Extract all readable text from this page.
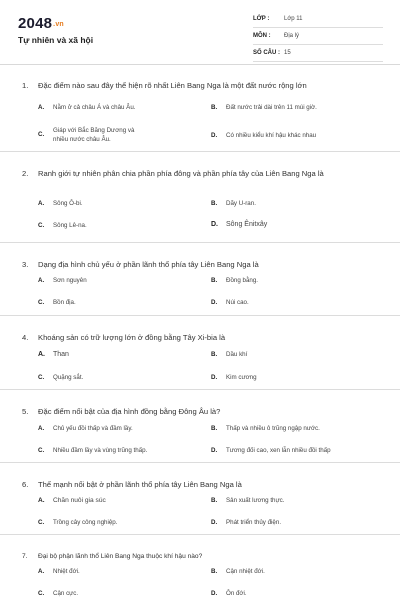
2048.vn
Tự nhiên và xã hội
LỚP : Lớp 11
MÔN : Địa lý
SỐ CÂU : 15
1. Đặc điểm nào sau đây thể hiện rõ nhất Liên Bang Nga là một đất nước rộng lớn
A. Nằm ở cả châu Á và châu Âu.	B. Đất nước trải dài trên 11 múi giờ.
C.
Giáp với Bắc Băng Dương và nhiều nước châu Âu.
D. Có nhiều kiểu khí hậu khác nhau
2. Ranh giới tự nhiên phân chia phần phía đông và phần phía tây của Liên Bang Nga là
A. Sông Ô-bi.	B. Dãy U-ran.
C. Sông Lê-na.	D. Sông Ênitxây
3. Dạng địa hình chủ yếu ở phần lãnh thổ phía tây Liên Bang Nga là
A. Sơn nguyên	B. Đồng bằng.
C. Bồn địa.	D. Núi cao.
4. Khoáng sản có trữ lượng lớn ở đồng bằng Tây Xi-bia là
A. Than	B. Dầu khí
C. Quặng sắt.	D. Kim cương
5. Đặc điểm nổi bật của địa hình đồng bằng Đông Âu là?
A. Chủ yếu đồi thấp và đầm lầy.	B. Thấp và nhiều ô trũng ngập nước.
C. Nhiều đầm lầy và vùng trũng thấp.	D. Tương đối cao, xen lẫn nhiều đồi thấp
6. Thế mạnh nổi bật ở phần lãnh thổ phía tây Liên Bang Nga là
A. Chăn nuôi gia súc	B. Sản xuất lương thực.
C. Trồng cây công nghiệp.	D. Phát triển thủy điện.
7. Đại bộ phận lãnh thổ Liên Bang Nga thuộc khí hậu nào?
A. Nhiệt đới.	B. Cận nhiệt đới.
C. Cận cực.	D. Ôn đới.
